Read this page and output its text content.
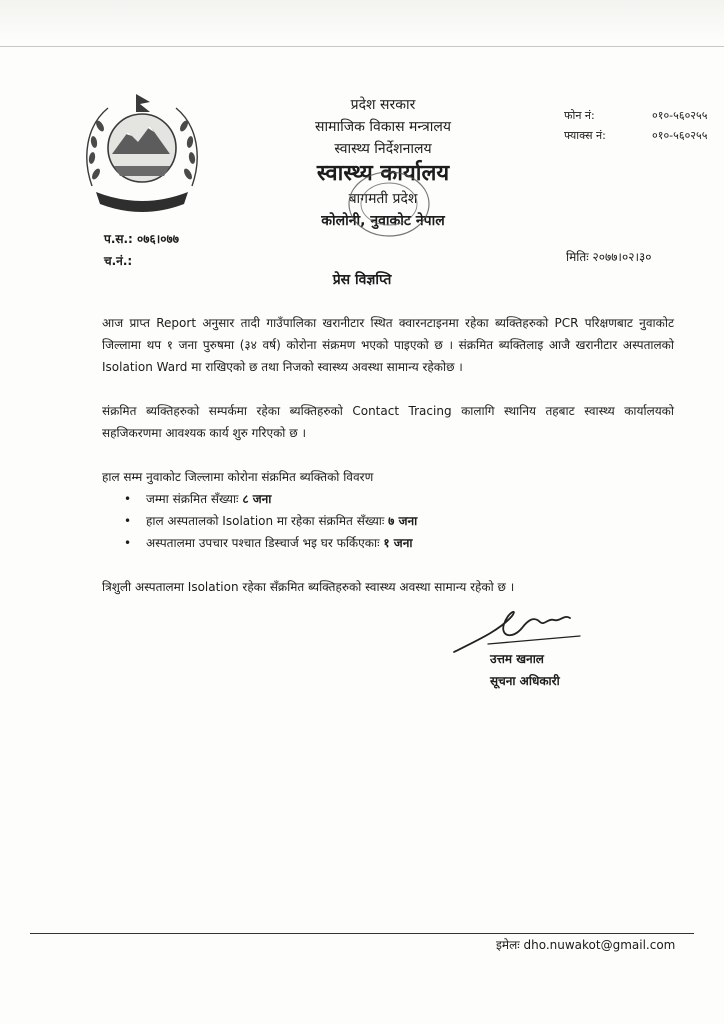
प्रदेश सरकार
सामाजिक विकास मन्त्रालय
स्वास्थ्य निर्देशनालय
स्वास्थ्य कार्यालय
बागमती प्रदेश
कोलोनी, नुवाकोट नेपाल
फोन नं:	०१०-५६०२५५
फ्याक्स नं:	०१०-५६०२५५
प.स.: ०७६।०७७
च.नं.:	मितिः २०७७।०२।३०
प्रेस विज्ञप्ति

आज प्राप्त Report अनुसार तादी गाउँपालिका खरानीटार स्थित क्वारनटाइनमा रहेका ब्यक्तिहरुको PCR परिक्षणबाट नुवाकोट जिल्लामा थप १ जना पुरुषमा (३४ वर्ष) कोरोना संक्रमण भएको पाइएको छ । संक्रमित ब्यक्तिलाइ आजै खरानीटार अस्पतालको Isolation Ward मा राखिएको छ तथा निजको स्वास्थ्य अवस्था सामान्य रहेकोछ ।

संक्रमित ब्यक्तिहरुको सम्पर्कमा रहेका ब्यक्तिहरुको Contact Tracing कालागि स्थानिय तहबाट स्वास्थ्य कार्यालयको सहजिकरणमा आवश्यक कार्य शुरु गरिएको छ ।

हाल सम्म नुवाकोट जिल्लामा कोरोना संक्रमित ब्यक्तिको विवरण

• जम्मा संक्रमित सँख्याः ८ जना
• हाल अस्पतालको Isolation मा रहेका संक्रमित सँख्याः ७ जना
• अस्पतालमा उपचार पश्चात डिस्चार्ज भइ घर फर्किएकाः १ जना

त्रिशुली अस्पतालमा Isolation रहेका सँक्रमित ब्यक्तिहरुको स्वास्थ्य अवस्था सामान्य रहेको छ ।

उत्तम खनाल
सूचना अधिकारी
इमेलः dho.nuwakot@gmail.com
